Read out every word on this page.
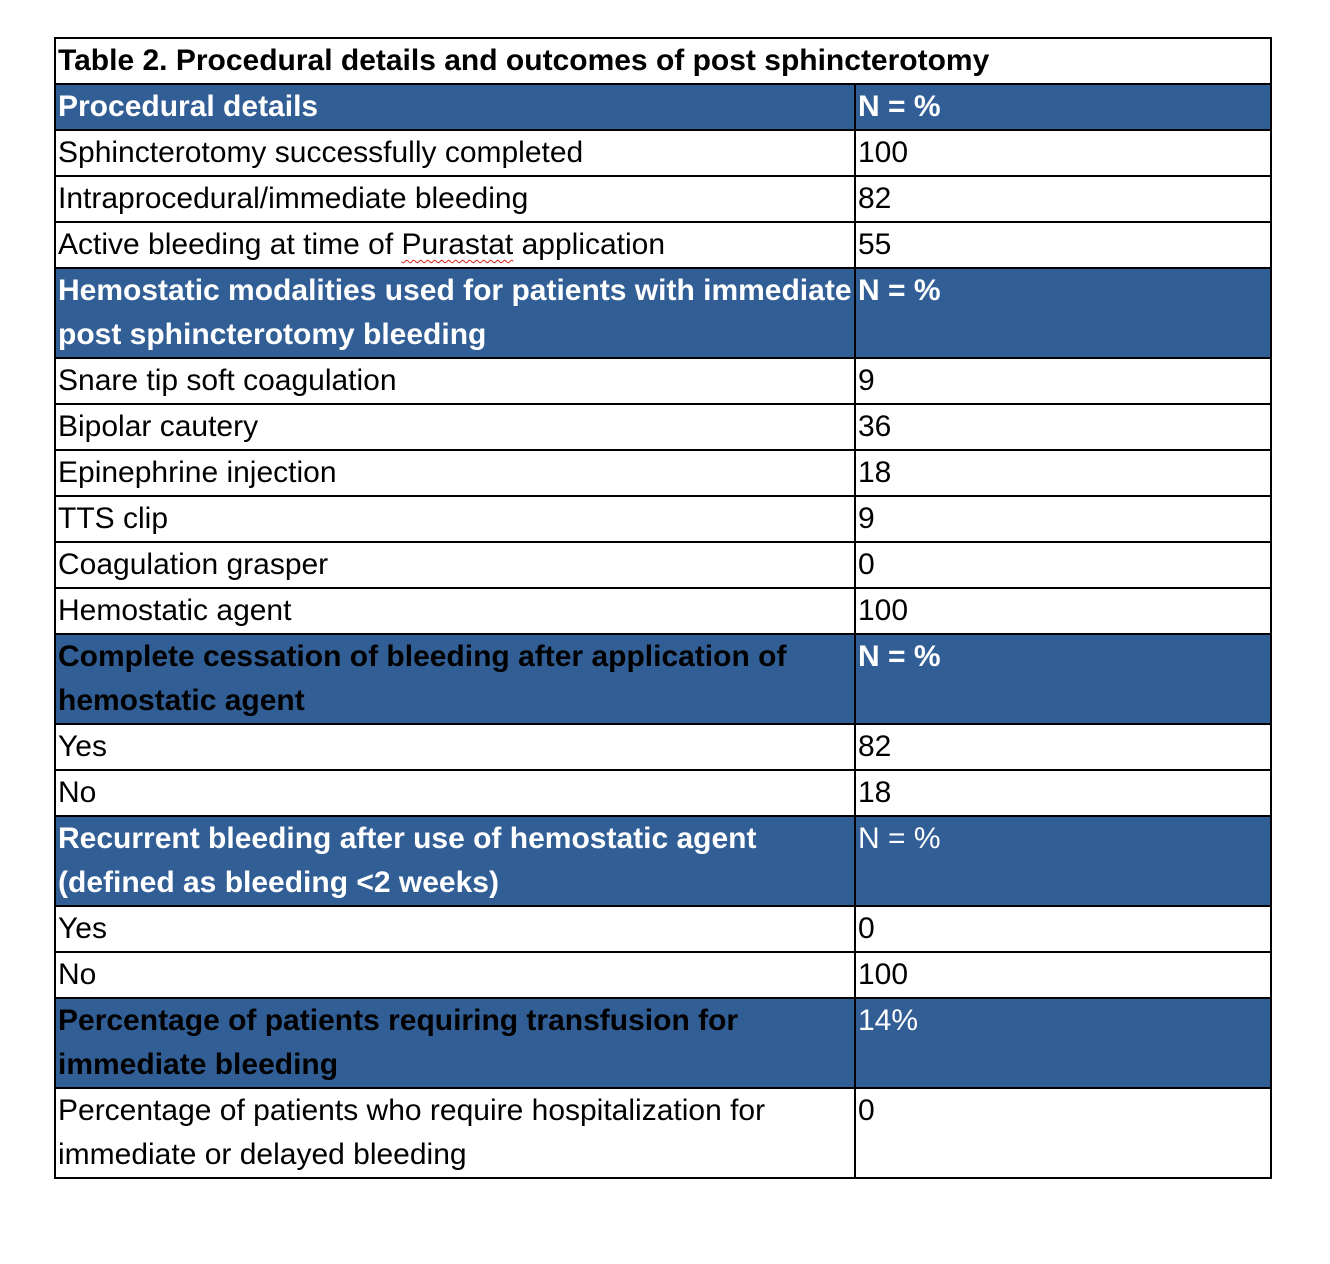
Table 2. Procedural details and outcomes of post sphincterotomy	
Procedural details	N = %
Sphincterotomy successfully completed	100
Intraprocedural/immediate bleeding	82
Active bleeding at time of Purastat application	55
Hemostatic modalities used for patients with immediate post sphincterotomy bleeding	N = %
Snare tip soft coagulation	9
Bipolar cautery	36
Epinephrine injection	18
TTS clip	9
Coagulation grasper	0
Hemostatic agent	100
Complete cessation of bleeding after application of hemostatic agent	N = %
Yes	82
No	18
Recurrent bleeding after use of hemostatic agent (defined as bleeding <2 weeks)	N = %
Yes	0
No	100
Percentage of patients requiring transfusion for immediate bleeding	14%
Percentage of patients who require hospitalization for immediate or delayed bleeding	0
